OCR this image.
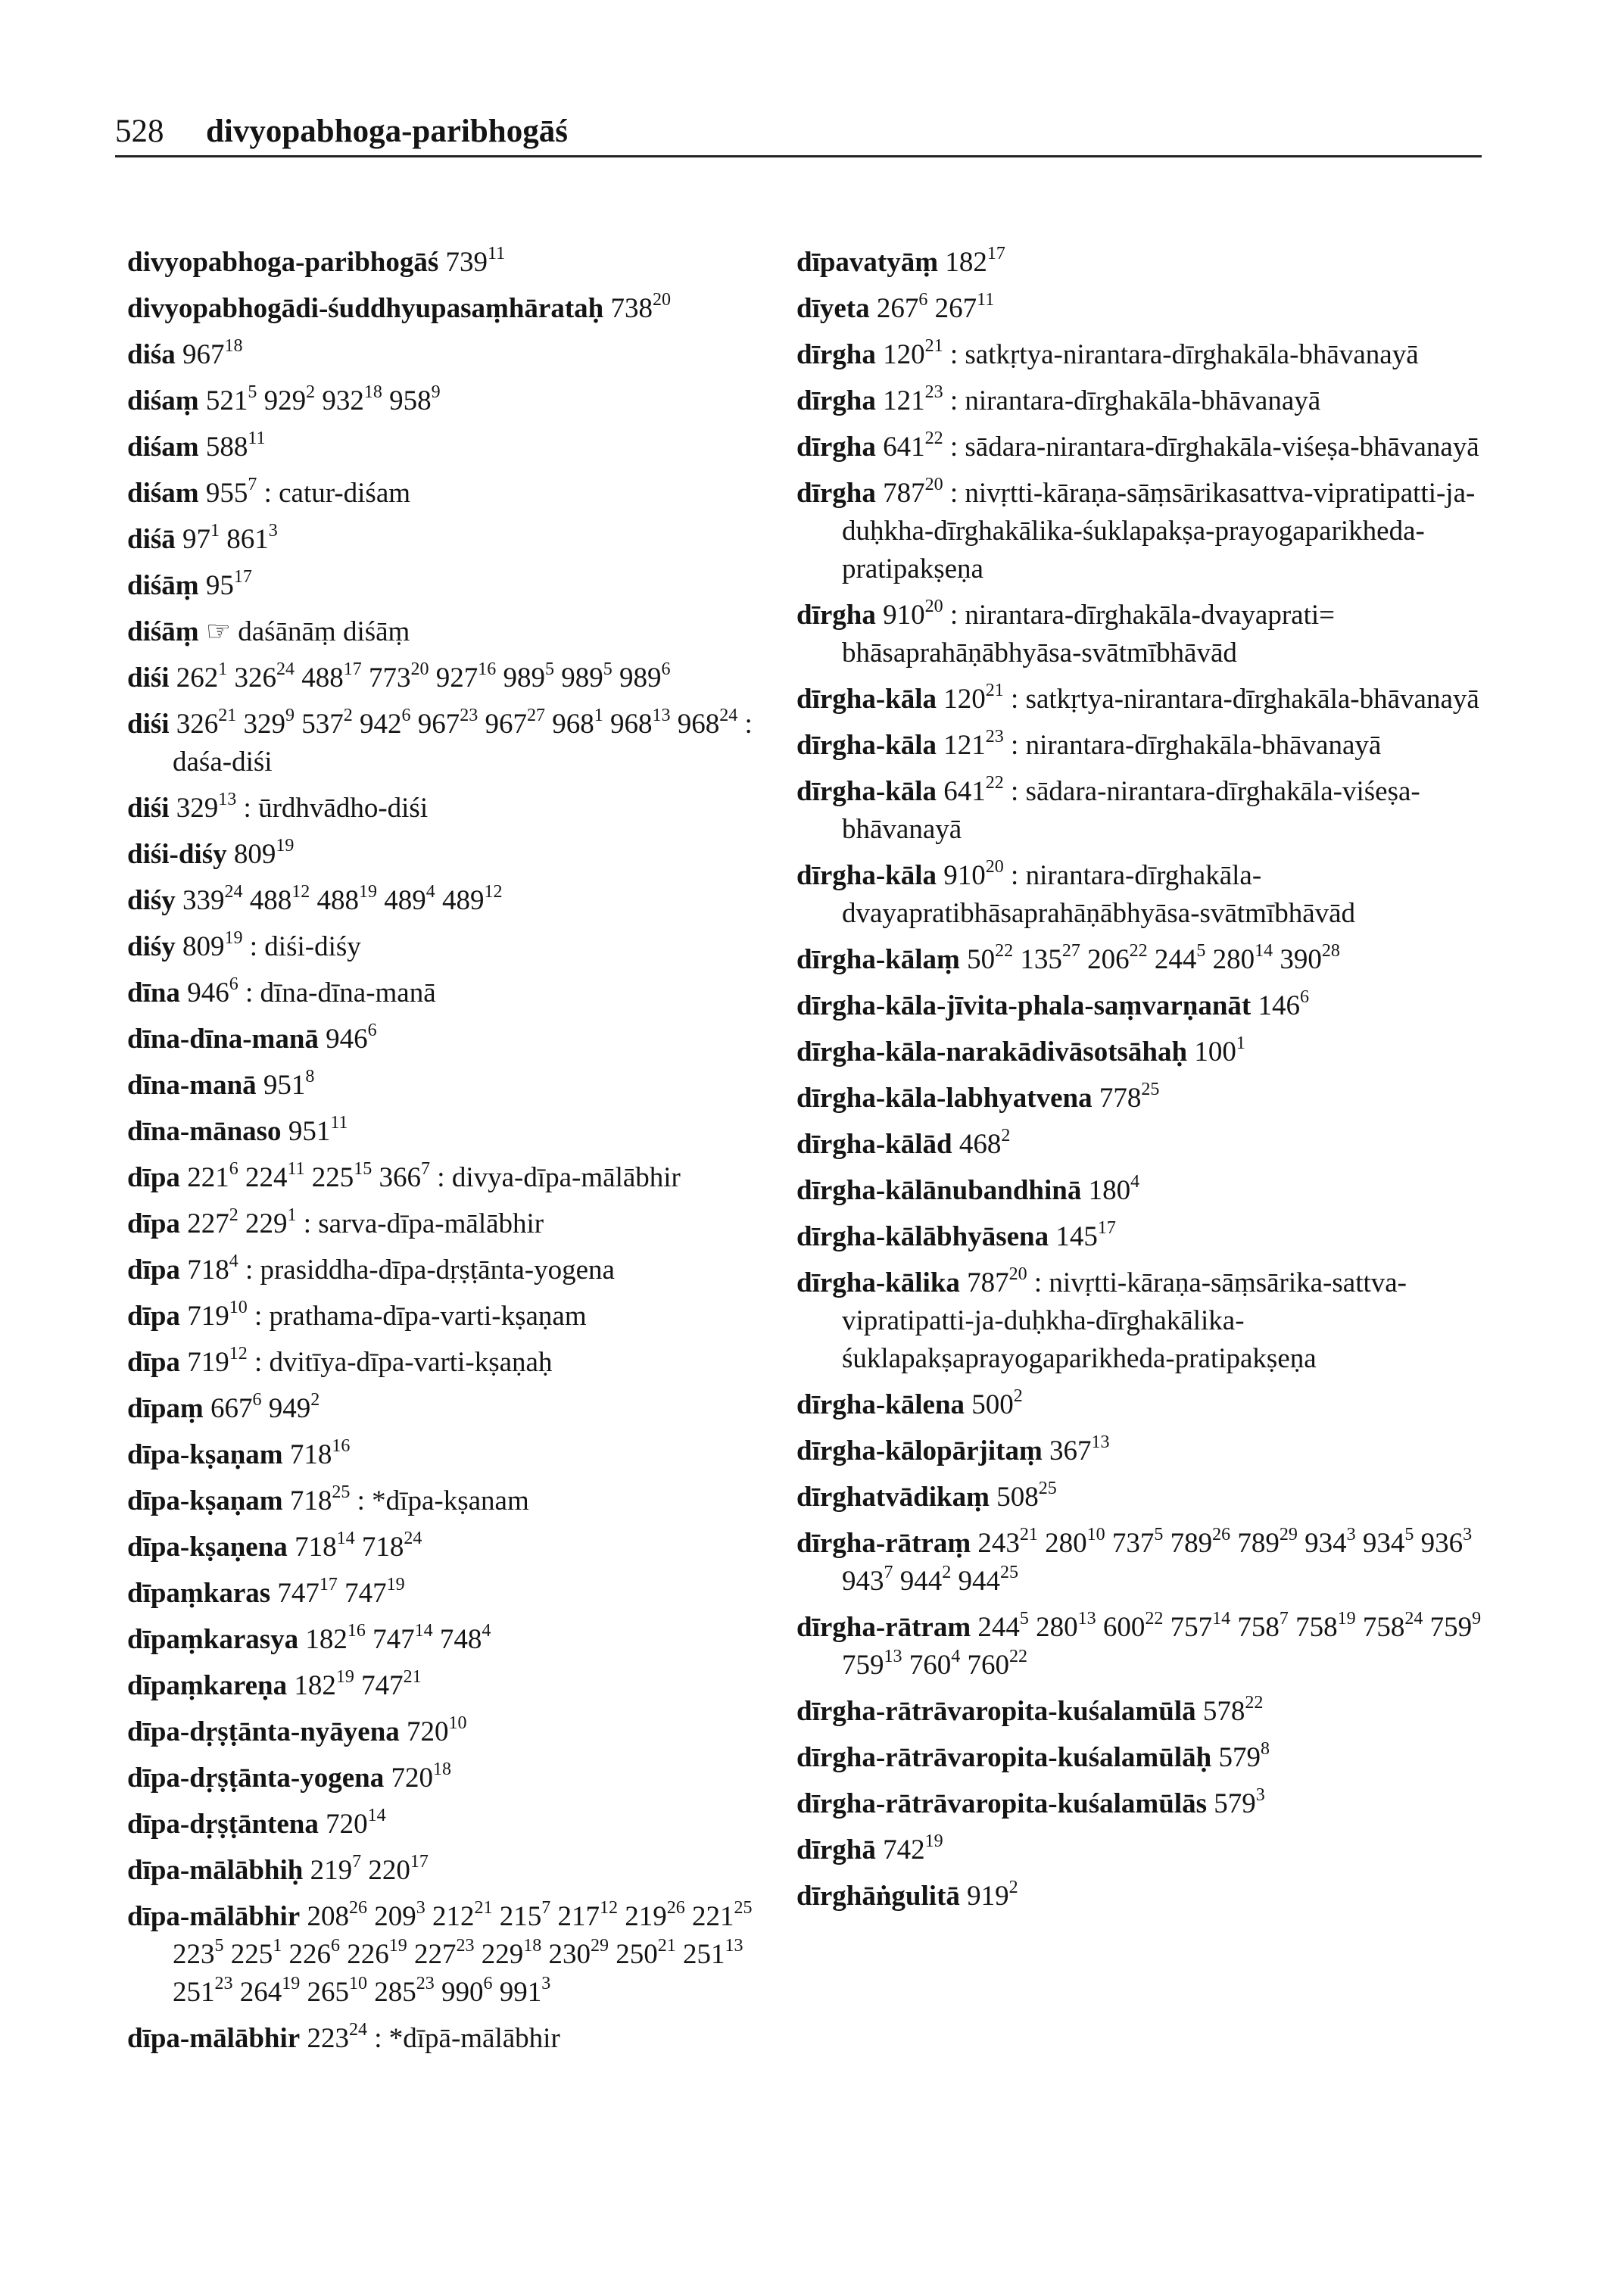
528 divyopabhoga-paribhogāś
divyopabhoga-paribhogāś $739^{11}$
divyopabhogādi-śuddhyupasaṃhārataḥ $738^{20}$
diśa $967^{18}$
diśaṃ $521^5$ $929^2$ $932^{18}$ $958^9$
diśam $588^{11}$
diśam $955^7$ : catur-diśam
diśā $97^1$ $861^3$
diśāṃ $95^{17}$
diśāṃ ☞ daśānāṃ diśāṃ
diśi $262^1$ $326^{24}$ $488^{17}$ $773^{20}$ $927^{16}$ $989^5$ $989^5$ $989^6$
diśi $326^{21}$ $329^9$ $537^2$ $942^6$ $967^{23}$ $967^{27}$ $968^1$ $968^{13}$ $968^{24}$ : daśa-diśi
diśi $329^{13}$ : ūrdhvādho-diśi
diśi-diśy $809^{19}$
diśy $339^{24}$ $488^{12}$ $488^{19}$ $489^4$ $489^{12}$
diśy $809^{19}$ : diśi-diśy
dīna $946^6$ : dīna-dīna-manā
dīna-dīna-manā $946^6$
dīna-manā $951^8$
dīna-mānaso $951^{11}$
dīpa $221^6$ $224^{11}$ $225^{15}$ $366^7$ : divya-dīpa-mālābhir
dīpa $227^2$ $229^1$ : sarva-dīpa-mālābhir
dīpa $718^4$ : prasiddha-dīpa-dṛṣṭānta-yogena
dīpa $719^{10}$ : prathama-dīpa-varti-kṣaṇam
dīpa $719^{12}$ : dvitīya-dīpa-varti-kṣaṇaḥ
dīpaṃ $667^6$ $949^2$
dīpa-kṣaṇam $718^{16}$
dīpa-kṣaṇam $718^{25}$ : *dīpa-kṣanam
dīpa-kṣaṇena $718^{14}$ $718^{24}$
dīpaṃkaras $747^{17}$ $747^{19}$
dīpaṃkarasya $182^{16}$ $747^{14}$ $748^4$
dīpaṃkareṇa $182^{19}$ $747^{21}$
dīpa-dṛṣṭānta-nyāyena $720^{10}$
dīpa-dṛṣṭānta-yogena $720^{18}$
dīpa-dṛṣṭāntena $720^{14}$
dīpa-mālābhiḥ $219^7$ $220^{17}$
dīpa-mālābhir $208^{26}$ $209^3$ $212^{21}$ $215^7$ $217^{12}$ $219^{26}$ $221^{25}$ $223^5$ $225^1$ $226^6$ $226^{19}$ $227^{23}$ $229^{18}$ $230^{29}$ $250^{21}$ $251^{13}$ $251^{23}$ $264^{19}$ $265^{10}$ $285^{23}$ $990^6$ $991^3$
dīpa-mālābhir $223^{24}$ : *dīpā-mālābhir
dīpavatyāṃ $182^{17}$
dīyeta $267^6$ $267^{11}$
dīrgha $120^{21}$ : satkṛtya-nirantara-dīrghakāla-bhāvanayā
dīrgha $121^{23}$ : nirantara-dīrghakāla-bhāvanayā
dīrgha $641^{22}$ : sādara-nirantara-dīrghakāla-viśeṣa-bhāvanayā
dīrgha $787^{20}$ : nivṛtti-kāraṇa-sāṃsārikasattva-vipratipatti-ja-duḥkha-dīrghakālika-śuklapakṣa-prayogaparikheda-pratipakṣeṇa
dīrgha $910^{20}$ : nirantara-dīrghakāla-dvayaprati= bhāsaprahāṇābhyāsa-svātmībhāvād
dīrgha-kāla $120^{21}$ : satkṛtya-nirantara-dīrghakāla-bhāvanayā
dīrgha-kāla $121^{23}$ : nirantara-dīrghakāla-bhāvanayā
dīrgha-kāla $641^{22}$ : sādara-nirantara-dīrghakāla-viśeṣa-bhāvanayā
dīrgha-kāla $910^{20}$ : nirantara-dīrghakāla-dvayapratibhāsaprahāṇābhyāsa-svātmībhāvād
dīrgha-kālaṃ $50^{22}$ $135^{27}$ $206^{22}$ $244^5$ $280^{14}$ $390^{28}$
dīrgha-kāla-jīvita-phala-saṃvarṇanāt $146^6$
dīrgha-kāla-narakādivāsotsāhaḥ $100^1$
dīrgha-kāla-labhyatvena $778^{25}$
dīrgha-kālād $468^2$
dīrgha-kālānubandhinā $180^4$
dīrgha-kālābhyāsena $145^{17}$
dīrgha-kālika $787^{20}$ : nivṛtti-kāraṇa-sāṃsārika-sattva-vipratipatti-ja-duḥkha-dīrghakālika-śuklapakṣaprayogaparikheda-pratipakṣeṇa
dīrgha-kālena $500^2$
dīrgha-kālopārjitaṃ $367^{13}$
dīrghatvādikaṃ $508^{25}$
dīrgha-rātraṃ $243^{21}$ $280^{10}$ $737^5$ $789^{26}$ $789^{29}$ $934^3$ $934^5$ $936^3$ $943^7$ $944^2$ $944^{25}$
dīrgha-rātram $244^5$ $280^{13}$ $600^{22}$ $757^{14}$ $758^7$ $758^{19}$ $758^{24}$ $759^9$ $759^{13}$ $760^4$ $760^{22}$
dīrgha-rātrāvaropita-kuśalamūlā $578^{22}$
dīrgha-rātrāvaropita-kuśalamūlāḥ $579^8$
dīrgha-rātrāvaropita-kuśalamūlās $579^3$
dīrghā $742^{19}$
dīrghāṅgulitā $919^2$
